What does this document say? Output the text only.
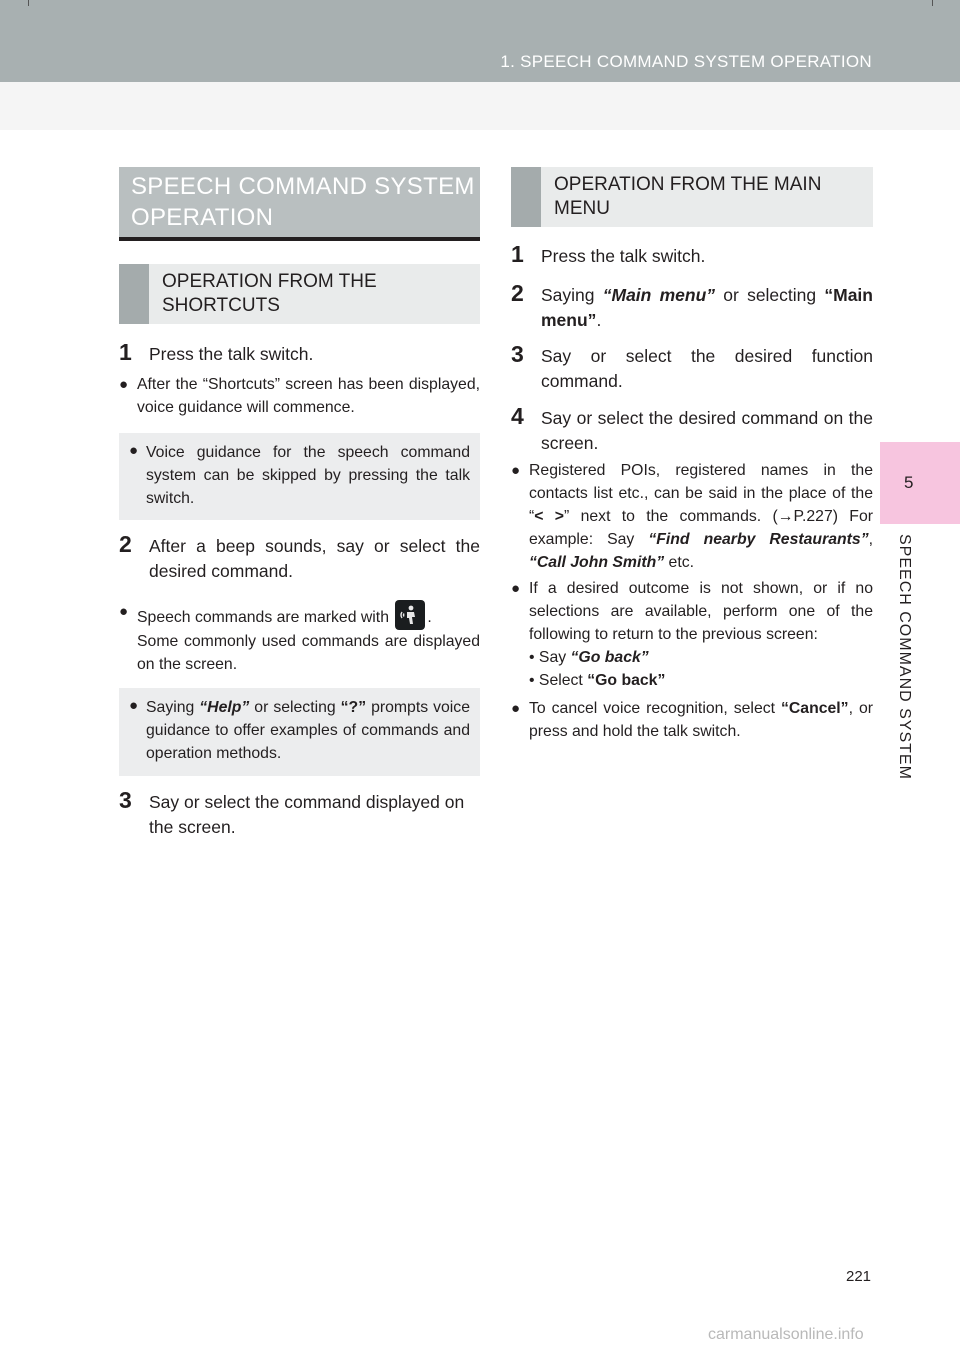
1. SPEECH COMMAND SYSTEM OPERATION
5
SPEECH COMMAND SYSTEM
SPEECH COMMAND SYSTEM OPERATION
OPERATION FROM THE SHORTCUTS
1 Press the talk switch.
● After the “Shortcuts” screen has been displayed, voice guidance will commence.
● Voice guidance for the speech command system can be skipped by pressing the talk switch.
2 After a beep sounds, say or select the desired command.
● Speech commands are marked with .
Some commonly used commands are displayed on the screen.
● Saying “Help” or selecting “?” prompts voice guidance to offer examples of commands and operation methods.
3 Say or select the command displayed on the screen.
OPERATION FROM THE MAIN MENU
1 Press the talk switch.
2 Saying “Main menu” or selecting “Main menu”.
3 Say or select the desired function command.
4 Say or select the desired command on the screen.
● Registered POIs, registered names in the contacts list etc., can be said in the place of the “< >” next to the commands. (→P.227) For example: Say “Find nearby Restaurants”, “Call John Smith” etc.
● If a desired outcome is not shown, or if no selections are available, perform one of the following to return to the previous screen:
• Say “Go back”
• Select “Go back”
● To cancel voice recognition, select “Cancel”, or press and hold the talk switch.
221
carmanualsonline.info
